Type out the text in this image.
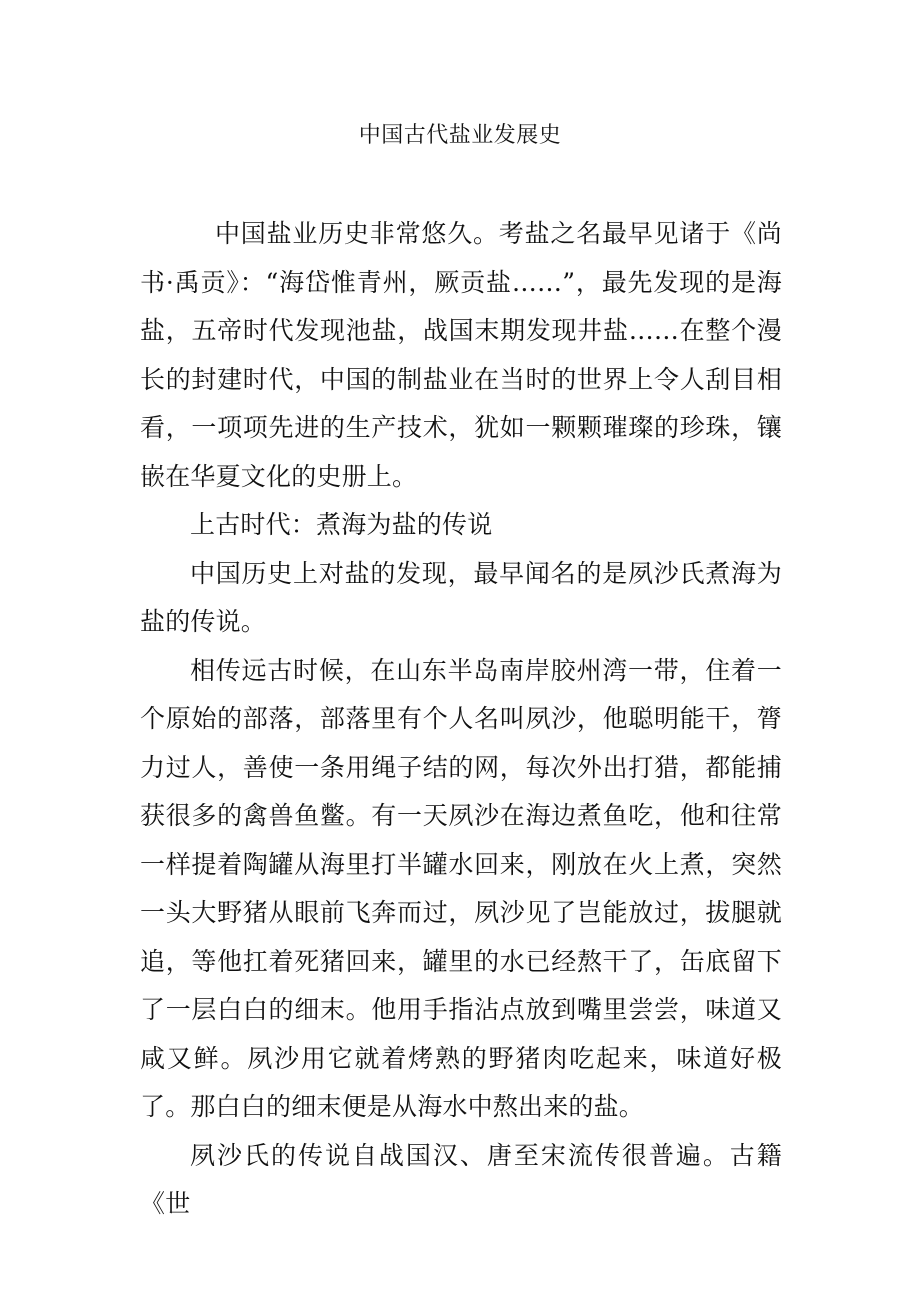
中国古代盐业发展史

中国盐业历史非常悠久。考盐之名最早见诸于《尚书·禹贡》：“海岱惟青州，厥贡盐……”，最先发现的是海盐，五帝时代发现池盐，战国末期发现井盐……在整个漫长的封建时代，中国的制盐业在当时的世界上令人刮目相看，一项项先进的生产技术，犹如一颗颗璀璨的珍珠，镶嵌在华夏文化的史册上。

上古时代：煮海为盐的传说

中国历史上对盐的发现，最早闻名的是夙沙氏煮海为盐的传说。

相传远古时候，在山东半岛南岸胶州湾一带，住着一个原始的部落，部落里有个人名叫夙沙，他聪明能干，膂力过人，善使一条用绳子结的网，每次外出打猎，都能捕获很多的禽兽鱼鳖。有一天夙沙在海边煮鱼吃，他和往常一样提着陶罐从海里打半罐水回来，刚放在火上煮，突然一头大野猪从眼前飞奔而过，夙沙见了岂能放过，拔腿就追，等他扛着死猪回来，罐里的水已经熬干了，缶底留下了一层白白的细末。他用手指沾点放到嘴里尝尝，味道又咸又鲜。夙沙用它就着烤熟的野猪肉吃起来，味道好极了。那白白的细末便是从海水中熬出来的盐。

夙沙氏的传说自战国汉、唐至宋流传很普遍。古籍《世
